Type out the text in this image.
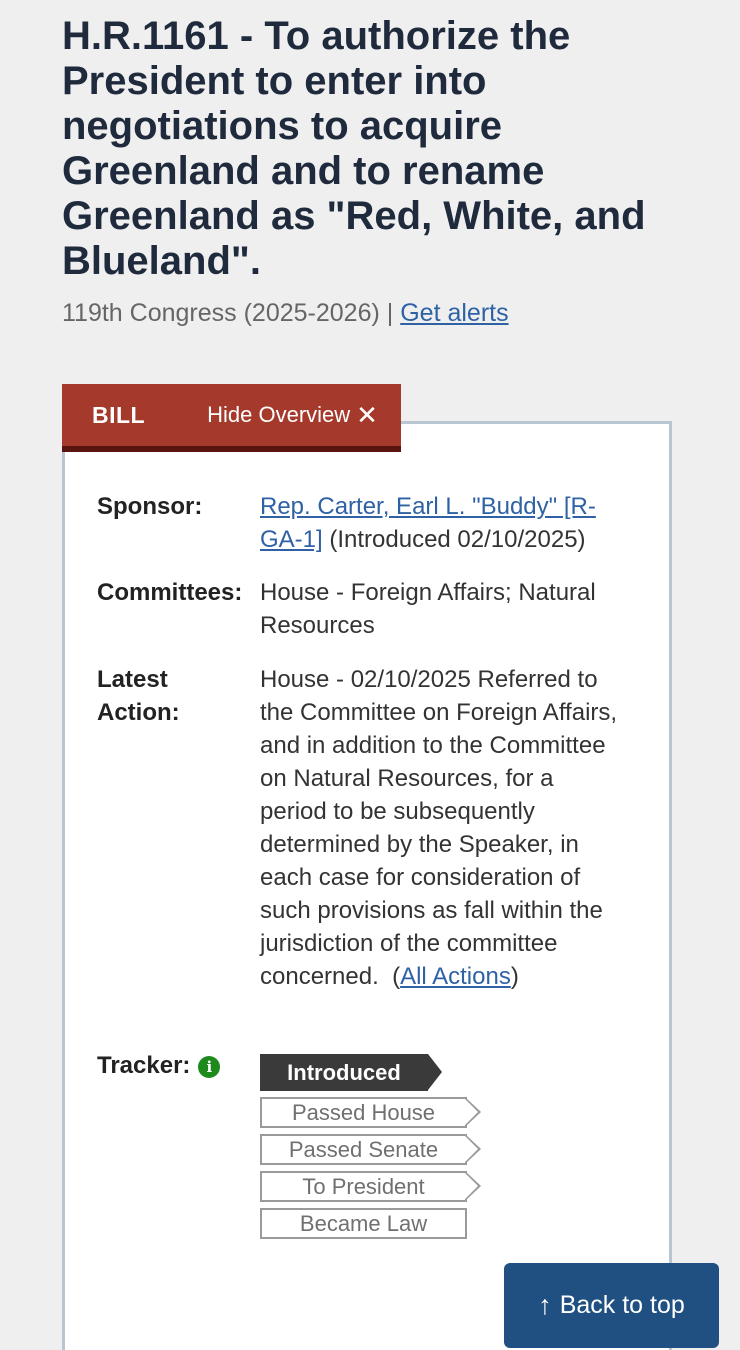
H.R.1161 - To authorize the President to enter into negotiations to acquire Greenland and to rename Greenland as "Red, White, and Blueland".
119th Congress (2025-2026) | Get alerts
BILL	Hide Overview ✕
Sponsor: Rep. Carter, Earl L. "Buddy" [R-GA-1] (Introduced 02/10/2025)
Committees: House - Foreign Affairs; Natural Resources
Latest Action:
House - 02/10/2025 Referred to the Committee on Foreign Affairs, and in addition to the Committee on Natural Resources, for a period to be subsequently determined by the Speaker, in each case for consideration of such provisions as fall within the jurisdiction of the committee concerned. (All Actions)
Tracker: i	Introduced
Passed House
Passed Senate
To President
Became Law
↑ Back to top
